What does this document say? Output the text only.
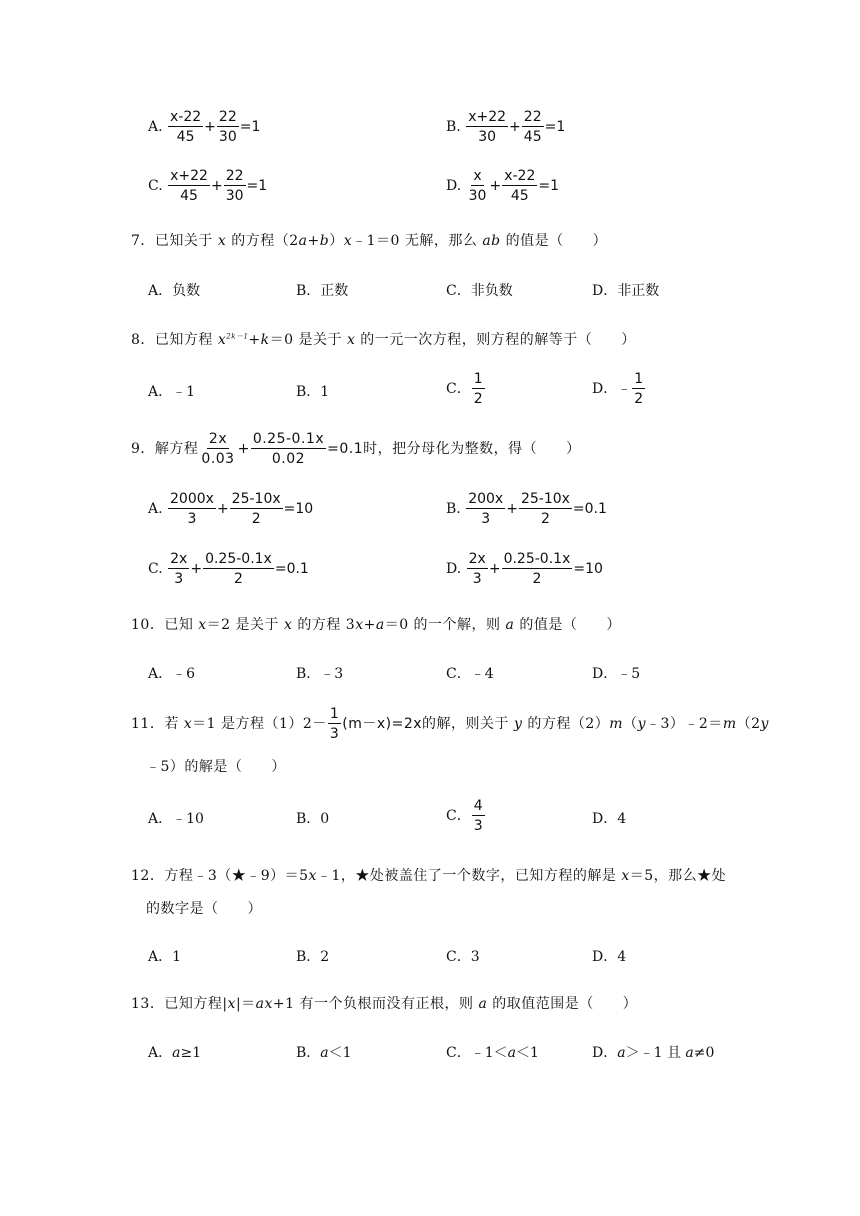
A. $\frac{x-22}{45} + \frac{22}{30} =1$	B. $\frac{x+22}{30} + \frac{22}{45} =1$
C. $\frac{x+22}{45} + \frac{22}{30} =1$	D. $\frac{x}{30} + \frac{x-22}{45} =1$
7．已知关于 x 的方程（2a+b）x﹣1＝0 无解，那么 ab 的值是（　　）
A．负数	B．正数	C．非负数	D．非正数
8．已知方程 $x^{2k-1}+k=0$ 是关于 x 的一元一次方程，则方程的解等于（　　）
A．﹣1	B．1	C． $\frac{1}{2}$	D．﹣ $\frac{1}{2}$
9．解方程 $\frac{2x}{0.03} + \frac{0.25-0.1x}{0.02} =0.1$时，把分母化为整数，得（　　）
A. $\frac{2000x}{3} + \frac{25-10x}{2} =10$	B. $\frac{200x}{3} + \frac{25-10x}{2} =0.1$
C. $\frac{2x}{3} + \frac{0.25-0.1x}{2} =0.1$	D. $\frac{2x}{3} + \frac{0.25-0.1x}{2} =10$
10．已知 x＝2 是关于 x 的方程 3x+a＝0 的一个解，则 a 的值是（　　）
A．﹣6	B．﹣3	C．﹣4	D．﹣5
11．若 x＝1 是方程$(1)2- \frac{1}{3} (m-x)=2x$的解，则关于 y 的方程（2）m（y﹣3）﹣2＝m（2y
﹣5）的解是（　　）
A．﹣10	B．0	C． $\frac{4}{3}$	D．4
12．方程﹣3（★﹣9）＝5x﹣1，★处被盖住了一个数字，已知方程的解是 x＝5，那么★处
的数字是（　　）
A．1	B．2	C．3	D．4
13．已知方程|x|＝ax+1 有一个负根而没有正根，则 a 的取值范围是（　　）
A．a≥1	B．a＜1	C．﹣1＜a＜1	D．a＞﹣1 且 a≠0
